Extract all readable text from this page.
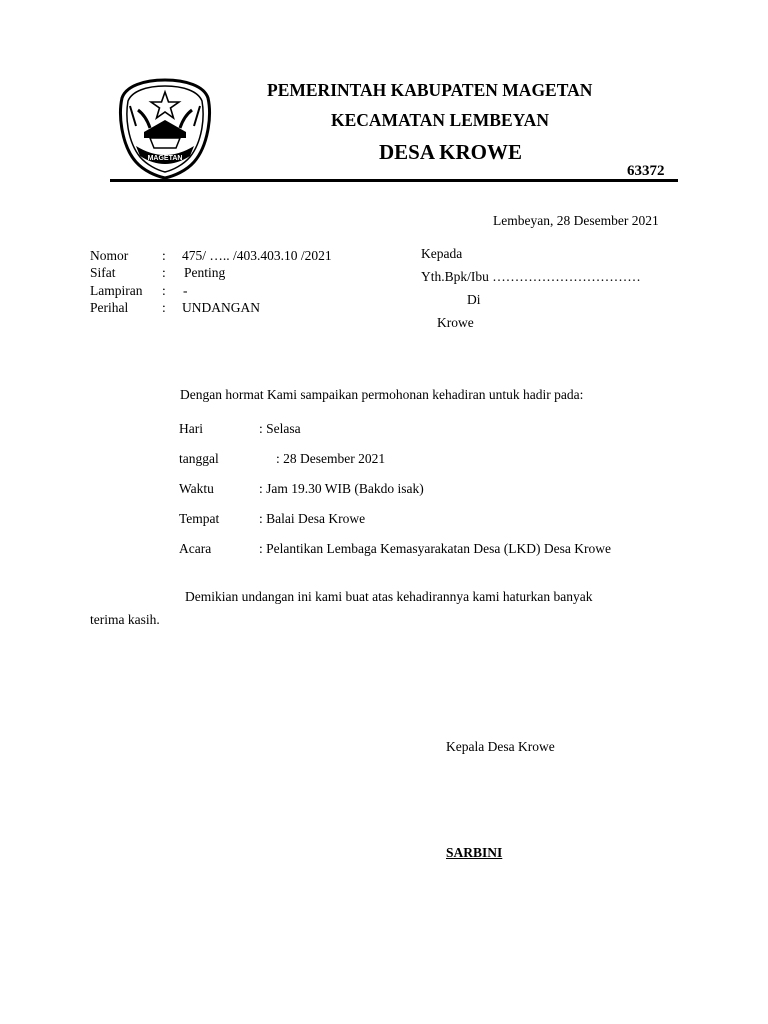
MAGETAN
PEMERINTAH KABUPATEN MAGETAN
KECAMATAN LEMBEYAN
DESA KROWE
63372
Lembeyan, 28 Desember 2021
Nomor	: 475/ ….. /403.403.10 /2021
Sifat	: Penting
Lampiran : -
Perihal	: UNDANGAN
Kepada
Yth.Bpk/Ibu ……………………………
Di
Krowe
Dengan hormat Kami sampaikan permohonan kehadiran untuk hadir pada:
Hari	: Selasa
tanggal	: 28 Desember 2021
Waktu	: Jam 19.30 WIB (Bakdo isak)
Tempat	: Balai Desa Krowe
Acara	: Pelantikan Lembaga Kemasyarakatan Desa (LKD) Desa Krowe
Demikian undangan ini kami buat atas kehadirannya kami haturkan banyak
terima kasih.
Kepala Desa Krowe
SARBINI
